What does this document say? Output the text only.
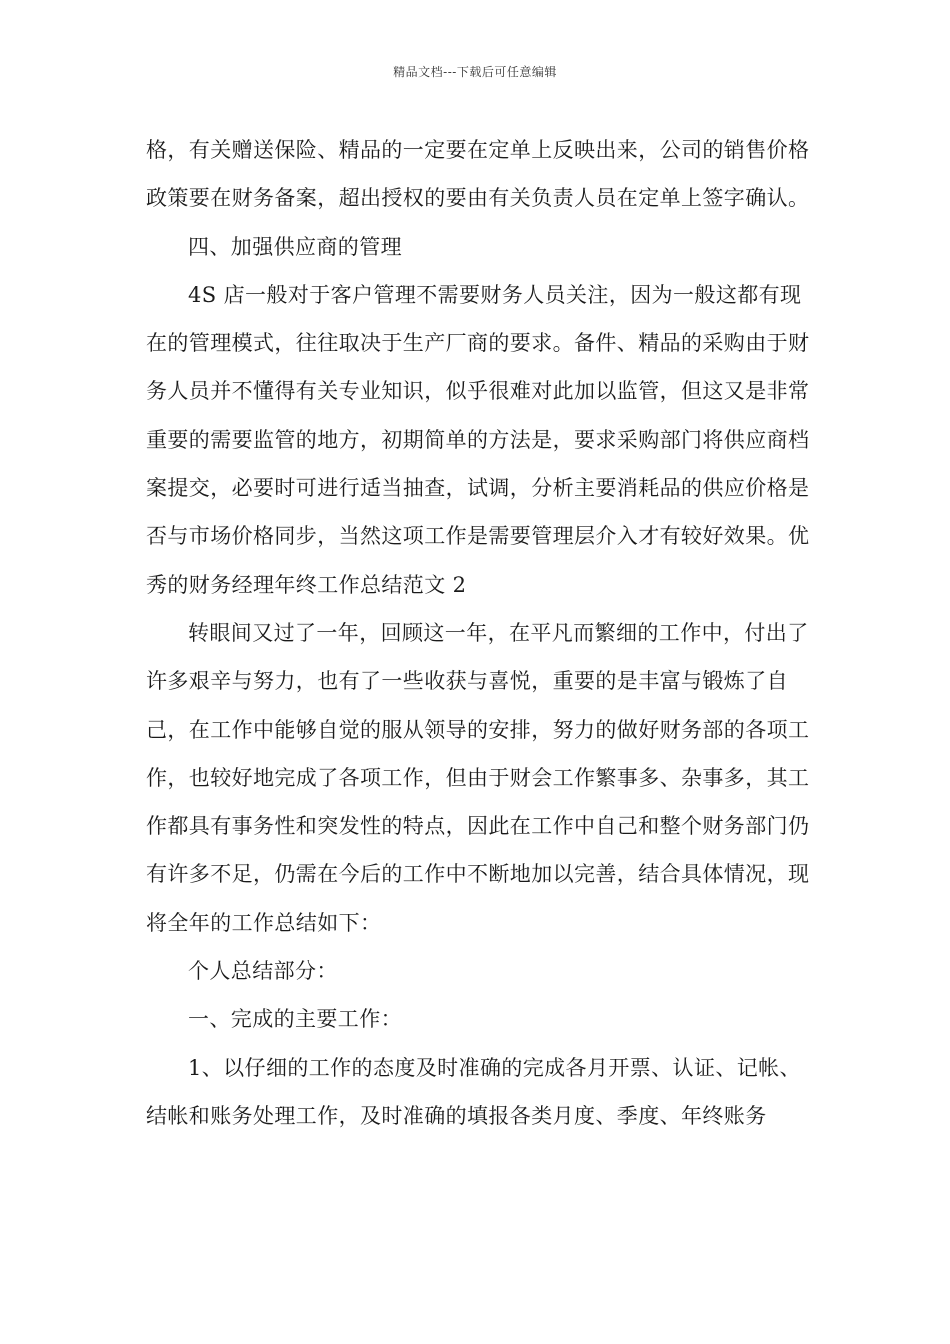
精品文档---下载后可任意编辑

格，有关赠送保险、精品的一定要在定单上反映出来，公司的销售价格政策要在财务备案，超出授权的要由有关负责人员在定单上签字确认。

四、加强供应商的管理

4S 店一般对于客户管理不需要财务人员关注，因为一般这都有现在的管理模式，往往取决于生产厂商的要求。备件、精品的采购由于财务人员并不懂得有关专业知识，似乎很难对此加以监管，但这又是非常重要的需要监管的地方，初期简单的方法是，要求采购部门将供应商档案提交，必要时可进行适当抽查，试调，分析主要消耗品的供应价格是否与市场价格同步，当然这项工作是需要管理层介入才有较好效果。优秀的财务经理年终工作总结范文 2

转眼间又过了一年，回顾这一年，在平凡而繁细的工作中，付出了许多艰辛与努力，也有了一些收获与喜悦，重要的是丰富与锻炼了自己，在工作中能够自觉的服从领导的安排，努力的做好财务部的各项工作，也较好地完成了各项工作，但由于财会工作繁事多、杂事多，其工作都具有事务性和突发性的特点，因此在工作中自己和整个财务部门仍有许多不足，仍需在今后的工作中不断地加以完善，结合具体情况，现将全年的工作总结如下：

个人总结部分：

一、完成的主要工作：

1、以仔细的工作的态度及时准确的完成各月开票、认证、记帐、结帐和账务处理工作，及时准确的填报各类月度、季度、年终账务
